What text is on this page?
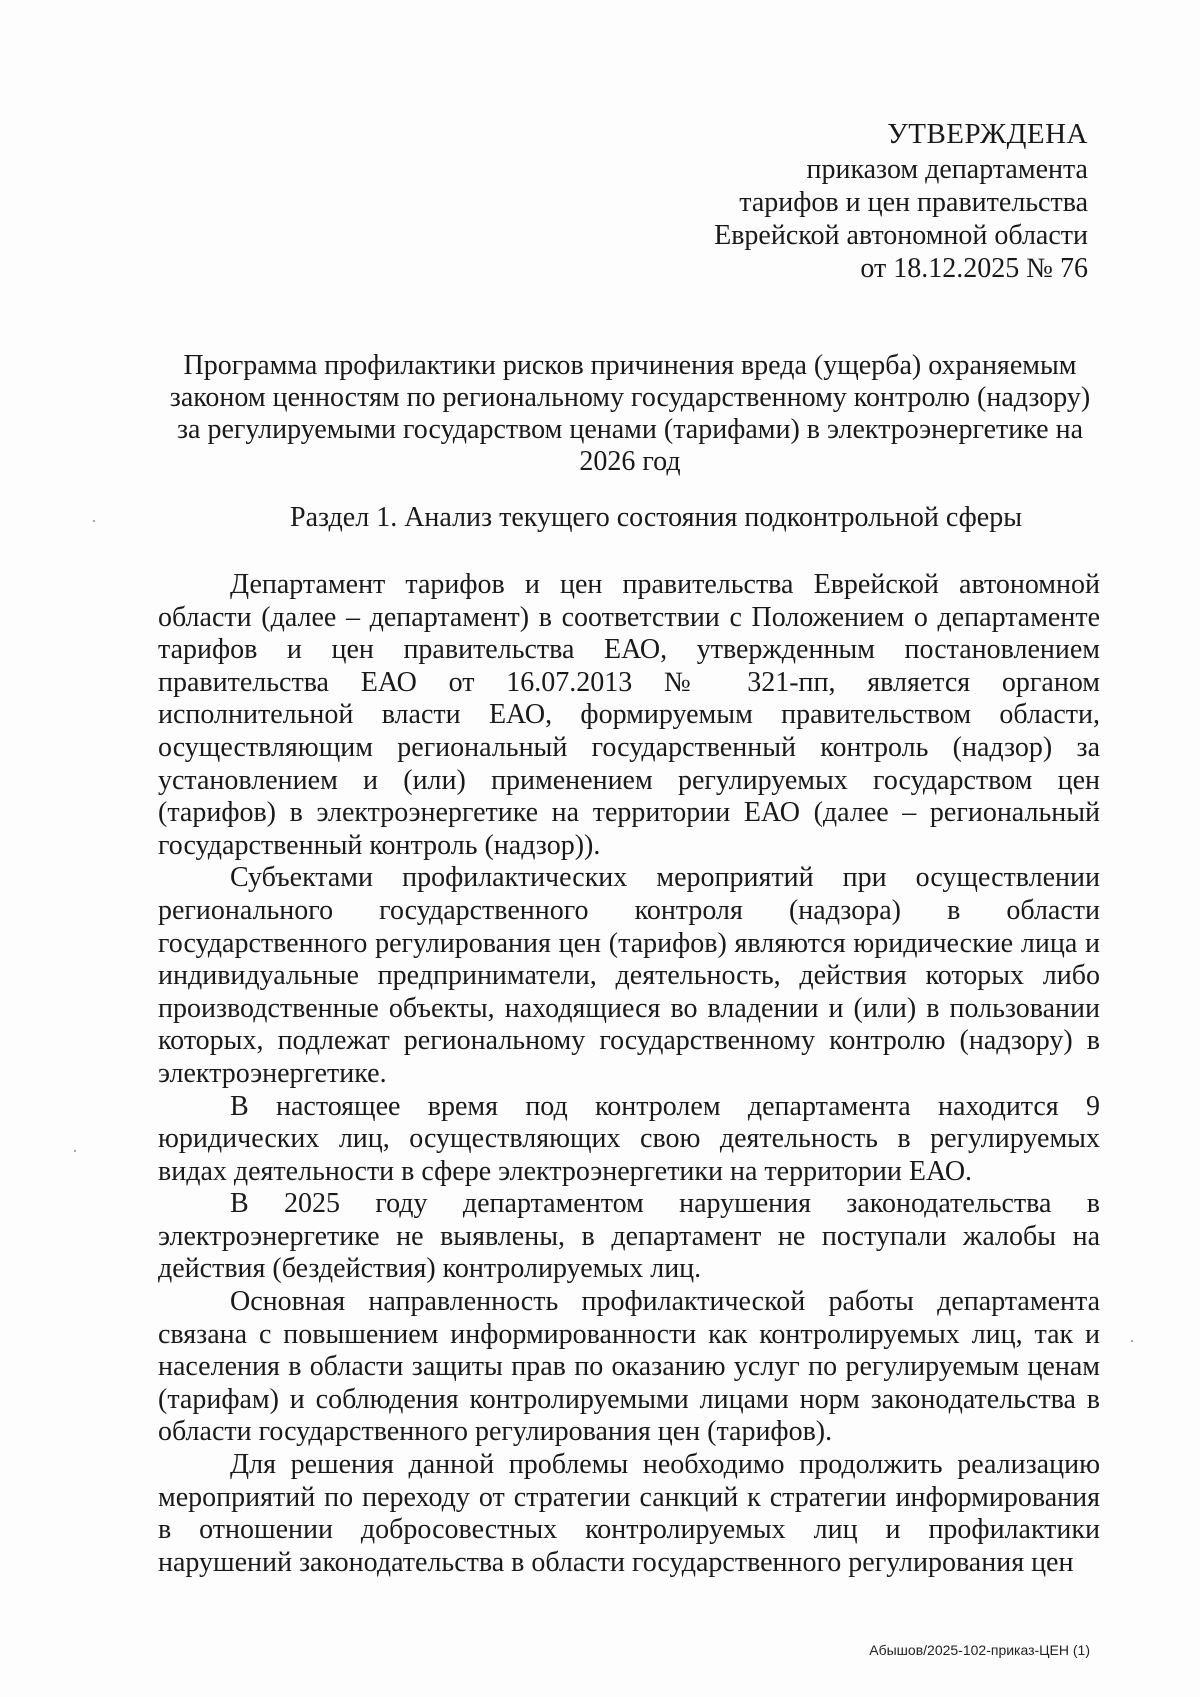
УТВЕРЖДЕНА
приказом департамента
тарифов и цен правительства
Еврейской автономной области
от 18.12.2025 № 76
Программа профилактики рисков причинения вреда (ущерба) охраняемым законом ценностям по региональному государственному контролю (надзору) за регулируемыми государством ценами (тарифами) в электроэнергетике на 2026 год
Раздел 1. Анализ текущего состояния подконтрольной сферы

Департамент тарифов и цен правительства Еврейской автономной области (далее – департамент) в соответствии с Положением о департаменте тарифов и цен правительства ЕАО, утвержденным постановлением правительства ЕАО от 16.07.2013 № 321-пп, является органом исполнительной власти ЕАО, формируемым правительством области, осуществляющим региональный государственный контроль (надзор) за установлением и (или) применением регулируемых государством цен (тарифов) в электроэнергетике на территории ЕАО (далее – региональный государственный контроль (надзор)).

Субъектами профилактических мероприятий при осуществлении регионального государственного контроля (надзора) в области государственного регулирования цен (тарифов) являются юридические лица и индивидуальные предприниматели, деятельность, действия которых либо производственные объекты, находящиеся во владении и (или) в пользовании которых, подлежат региональному государственному контролю (надзору) в электроэнергетике.

В настоящее время под контролем департамента находится 9 юридических лиц, осуществляющих свою деятельность в регулируемых видах деятельности в сфере электроэнергетики на территории ЕАО.

В 2025 году департаментом нарушения законодательства в электроэнергетике не выявлены, в департамент не поступали жалобы на действия (бездействия) контролируемых лиц.

Основная направленность профилактической работы департамента связана с повышением информированности как контролируемых лиц, так и населения в области защиты прав по оказанию услуг по регулируемым ценам (тарифам) и соблюдения контролируемыми лицами норм законодательства в области государственного регулирования цен (тарифов).

Для решения данной проблемы необходимо продолжить реализацию мероприятий по переходу от стратегии санкций к стратегии информирования в отношении добросовестных контролируемых лиц и профилактики нарушений законодательства в области государственного регулирования цен

Абышов/2025-102-приказ-ЦЕН (1)
